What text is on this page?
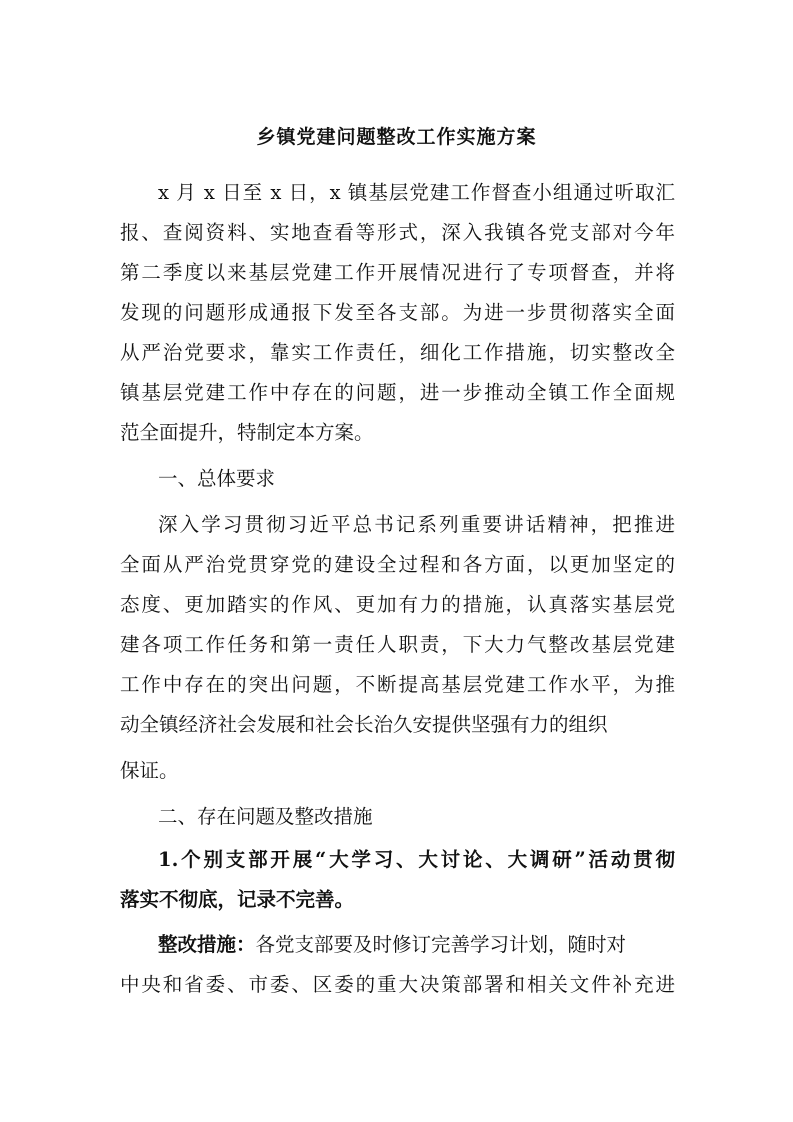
乡镇党建问题整改工作实施方案
x 月 x 日至 x 日，x 镇基层党建工作督查小组通过听取汇
报、查阅资料、实地查看等形式，深入我镇各党支部对今年
第二季度以来基层党建工作开展情况进行了专项督查，并将
发现的问题形成通报下发至各支部。为进一步贯彻落实全面
从严治党要求，靠实工作责任，细化工作措施，切实整改全
镇基层党建工作中存在的问题，进一步推动全镇工作全面规
范全面提升，特制定本方案。
一、总体要求
深入学习贯彻习近平总书记系列重要讲话精神，把推进
全面从严治党贯穿党的建设全过程和各方面，以更加坚定的
态度、更加踏实的作风、更加有力的措施，认真落实基层党
建各项工作任务和第一责任人职责，下大力气整改基层党建
工作中存在的突出问题，不断提高基层党建工作水平，为推
动全镇经济社会发展和社会长治久安提供坚强有力的组织
保证。
二、存在问题及整改措施
1.个别支部开展“大学习、大讨论、大调研”活动贯彻
落实不彻底，记录不完善。
整改措施：各党支部要及时修订完善学习计划，随时对
中央和省委、市委、区委的重大决策部署和相关文件补充进
